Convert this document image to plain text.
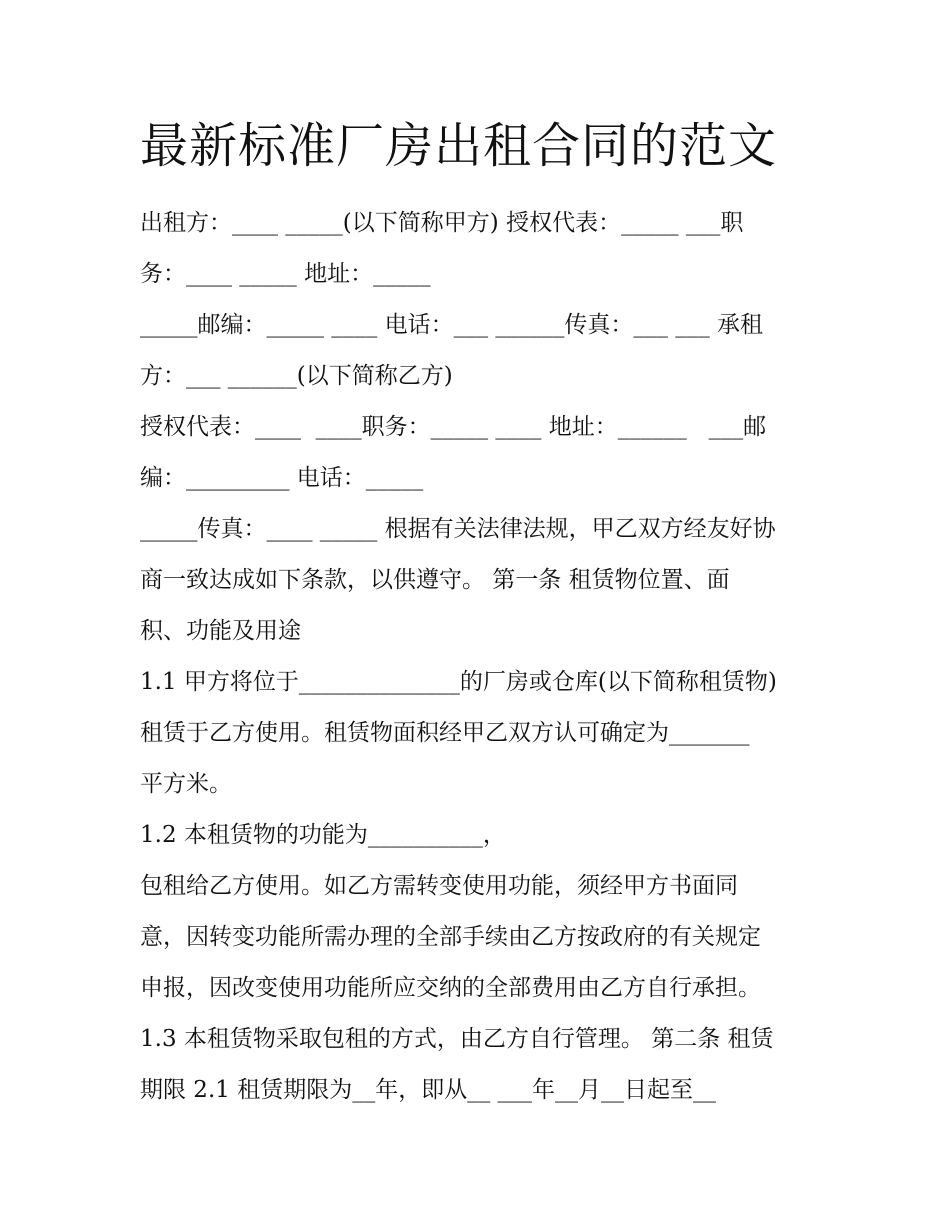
最新标准厂房出租合同的范文

出租方：____ _____(以下简称甲方) 授权代表：_____ ___职

务：____ _____ 地址：_____

_____邮编：_____ ____ 电话：___ ______传真：___ ___ 承租

方：___ ______(以下简称乙方)

授权代表：____  ____职务：_____ ____ 地址：______   ___邮

编：_________ 电话：_____

_____传真：____ _____ 根据有关法律法规，甲乙双方经友好协

商一致达成如下条款，以供遵守。 第一条 租赁物位置、面

积、功能及用途

1.1 甲方将位于______________的厂房或仓库(以下简称租赁物)

租赁于乙方使用。租赁物面积经甲乙双方认可确定为_______

平方米。

1.2 本租赁物的功能为__________，

包租给乙方使用。如乙方需转变使用功能，须经甲方书面同

意，因转变功能所需办理的全部手续由乙方按政府的有关规定

申报，因改变使用功能所应交纳的全部费用由乙方自行承担。

1.3 本租赁物采取包租的方式，由乙方自行管理。 第二条 租赁

期限 2.1 租赁期限为__年，即从__ ___年__月__日起至__
